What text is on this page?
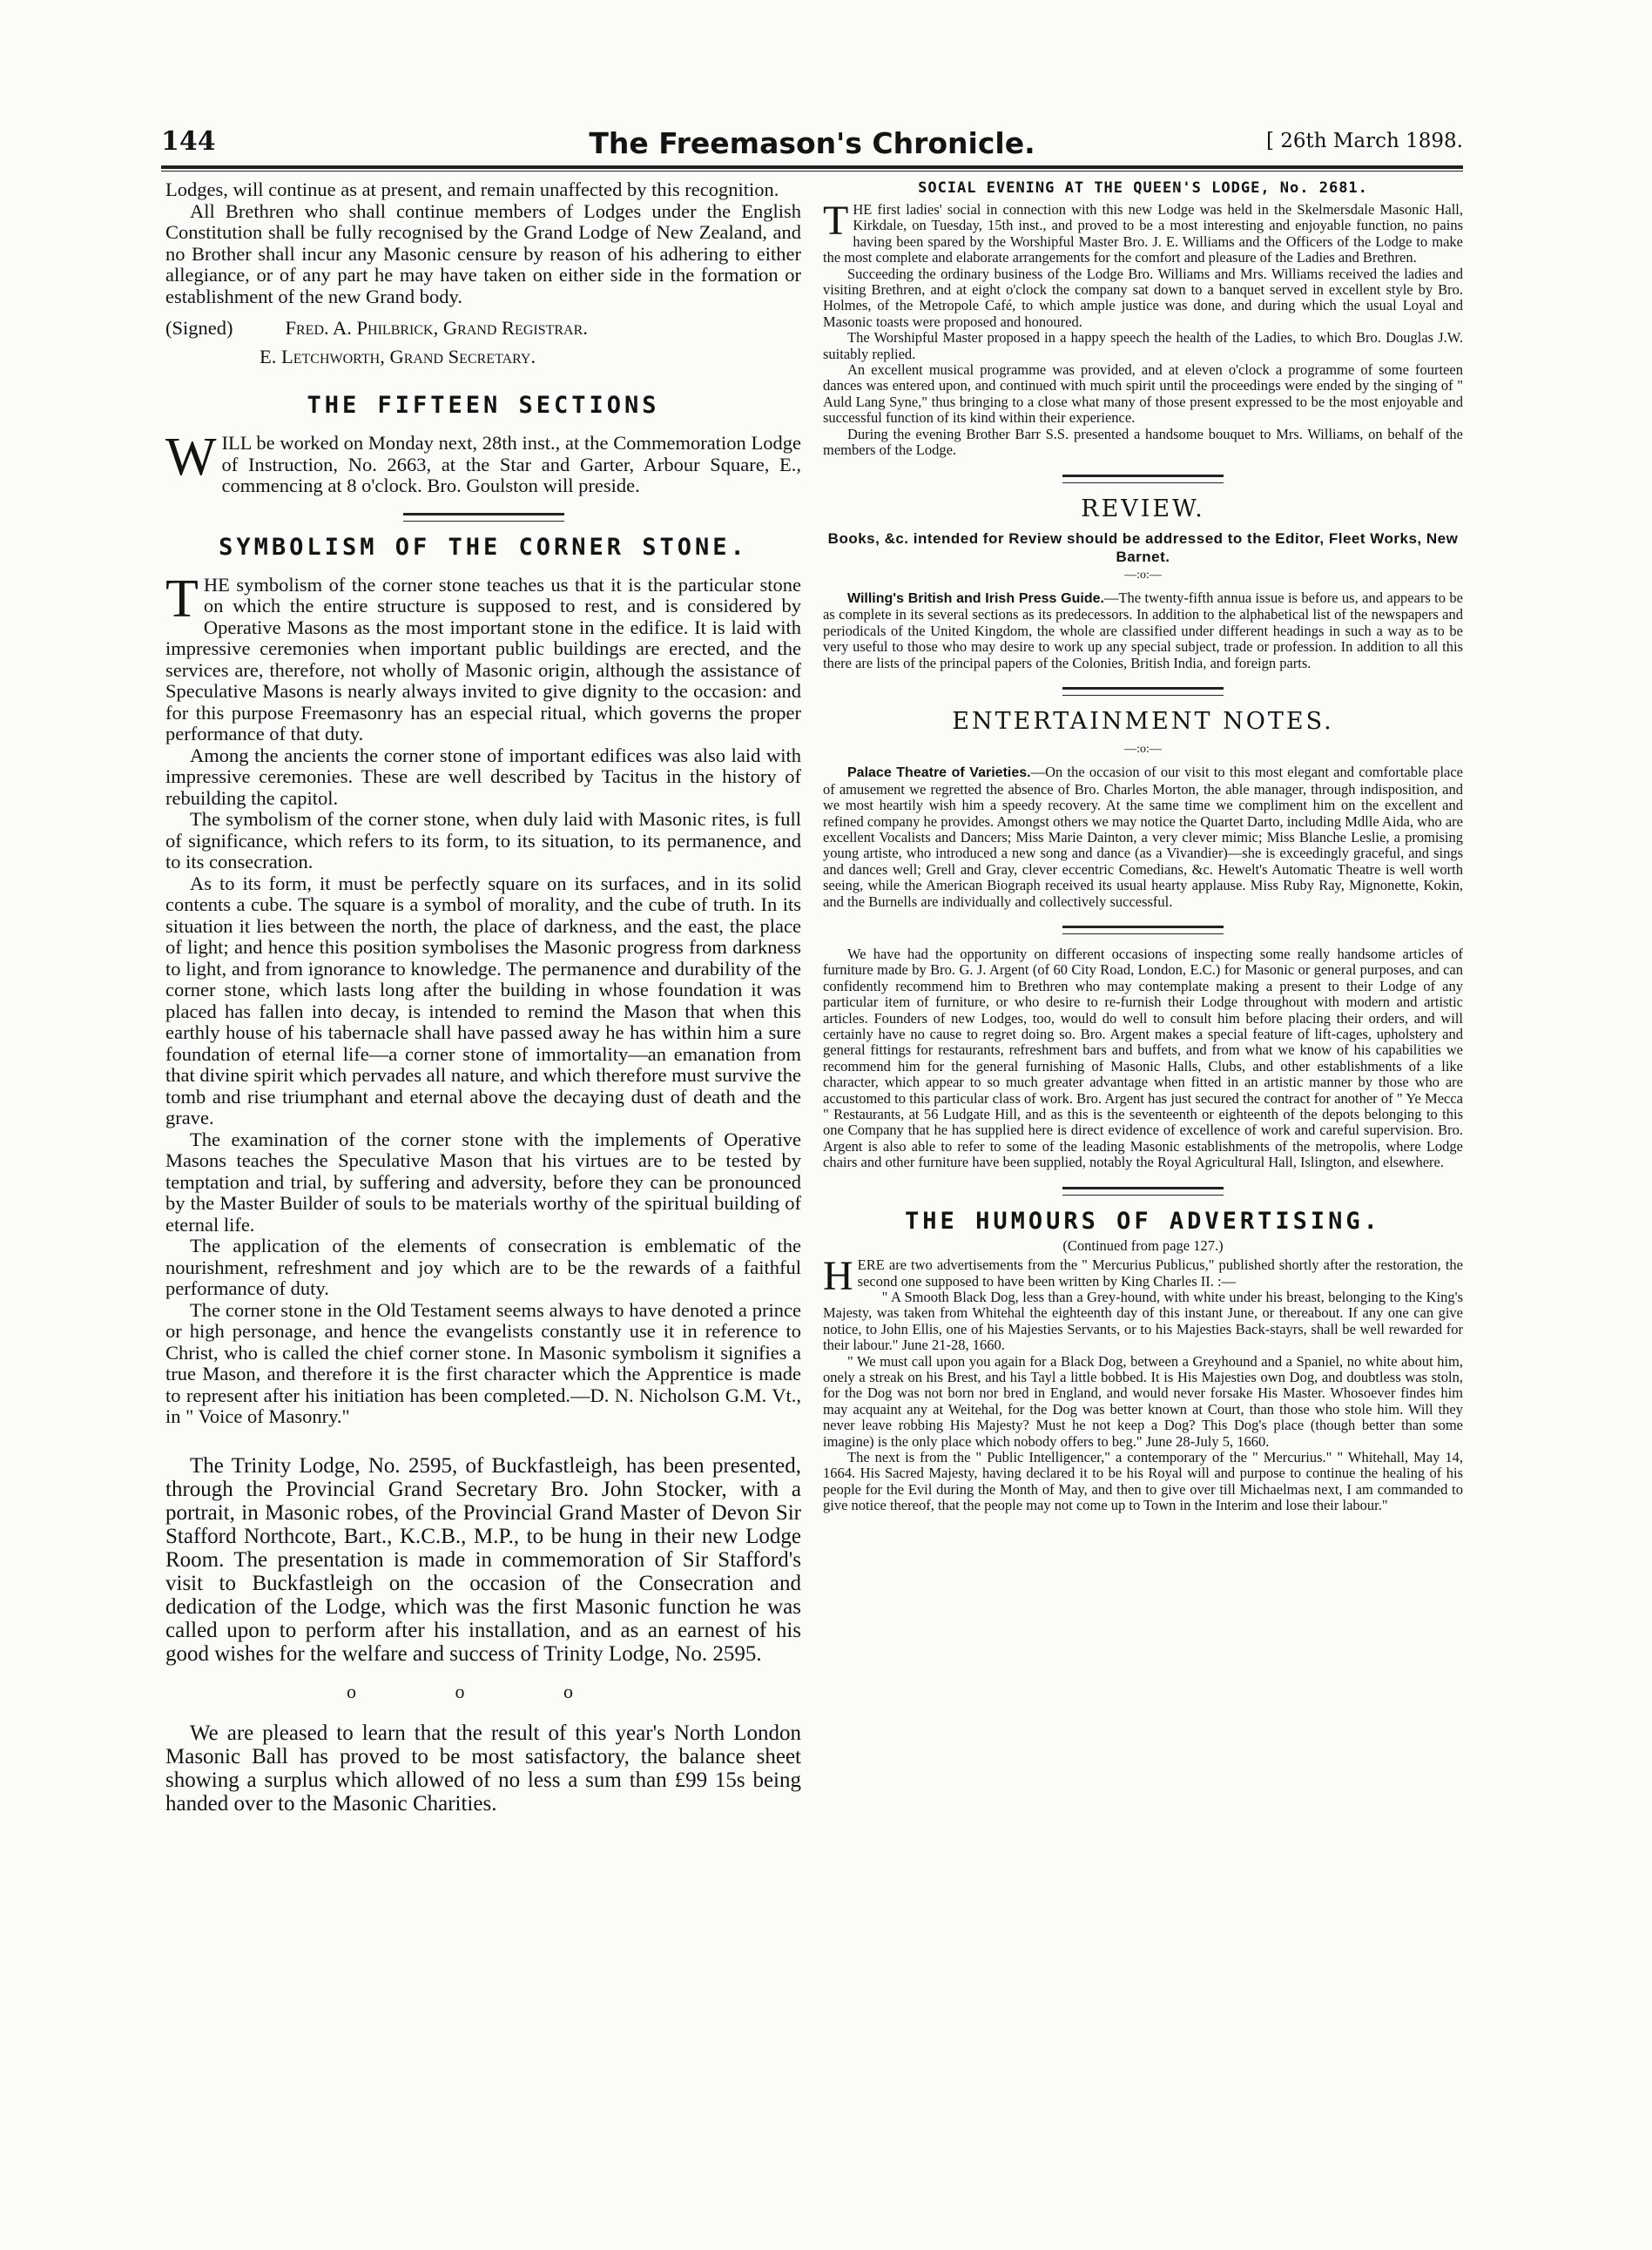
144	The Freemason's Chronicle.	[ 26th March 1898.

Lodges, will continue as at present, and remain unaffected by this recognition.

All Brethren who shall continue members of Lodges under the English Constitution shall be fully recognised by the Grand Lodge of New Zealand, and no Brother shall incur any Masonic censure by reason of his adhering to either allegiance, or of any part he may have taken on either side in the formation or establishment of the new Grand body.

(Signed)	Fred. A. Philbrick, Grand Registrar.
E. Letchworth, Grand Secretary.
THE FIFTEEN SECTIONS

WILL be worked on Monday next, 28th inst., at the Commemoration Lodge of Instruction, No. 2663, at the Star and Garter, Arbour Square, E., commencing at 8 o'clock. Bro. Goulston will preside.

SYMBOLISM OF THE CORNER STONE.

THE symbolism of the corner stone teaches us that it is the particular stone on which the entire structure is supposed to rest, and is considered by Operative Masons as the most important stone in the edifice. It is laid with impressive ceremonies when important public buildings are erected, and the services are, therefore, not wholly of Masonic origin, although the assistance of Speculative Masons is nearly always invited to give dignity to the occasion: and for this purpose Freemasonry has an especial ritual, which governs the proper performance of that duty.

Among the ancients the corner stone of important edifices was also laid with impressive ceremonies. These are well described by Tacitus in the history of rebuilding the capitol.

The symbolism of the corner stone, when duly laid with Masonic rites, is full of significance, which refers to its form, to its situation, to its permanence, and to its consecration.

As to its form, it must be perfectly square on its surfaces, and in its solid contents a cube. The square is a symbol of morality, and the cube of truth. In its situation it lies between the north, the place of darkness, and the east, the place of light; and hence this position symbolises the Masonic progress from darkness to light, and from ignorance to knowledge. The permanence and durability of the corner stone, which lasts long after the building in whose foundation it was placed has fallen into decay, is intended to remind the Mason that when this earthly house of his tabernacle shall have passed away he has within him a sure foundation of eternal life—a corner stone of immortality—an emanation from that divine spirit which pervades all nature, and which therefore must survive the tomb and rise triumphant and eternal above the decaying dust of death and the grave.

The examination of the corner stone with the implements of Operative Masons teaches the Speculative Mason that his virtues are to be tested by temptation and trial, by suffering and adversity, before they can be pronounced by the Master Builder of souls to be materials worthy of the spiritual building of eternal life.

The application of the elements of consecration is emblematic of the nourishment, refreshment and joy which are to be the rewards of a faithful performance of duty.

The corner stone in the Old Testament seems always to have denoted a prince or high personage, and hence the evangelists constantly use it in reference to Christ, who is called the chief corner stone. In Masonic symbolism it signifies a true Mason, and therefore it is the first character which the Apprentice is made to represent after his initiation has been completed.—D. N. Nicholson G.M. Vt., in " Voice of Masonry."

The Trinity Lodge, No. 2595, of Buckfastleigh, has been presented, through the Provincial Grand Secretary Bro. John Stocker, with a portrait, in Masonic robes, of the Provincial Grand Master of Devon Sir Stafford Northcote, Bart., K.C.B., M.P., to be hung in their new Lodge Room. The presentation is made in commemoration of Sir Stafford's visit to Buckfastleigh on the occasion of the Consecration and dedication of the Lodge, which was the first Masonic function he was called upon to perform after his installation, and as an earnest of his good wishes for the welfare and success of Trinity Lodge, No. 2595.

o o o

We are pleased to learn that the result of this year's North London Masonic Ball has proved to be most satisfactory, the balance sheet showing a surplus which allowed of no less a sum than £99 15s being handed over to the Masonic Charities.

SOCIAL EVENING AT THE QUEEN'S LODGE, No. 2681.

THE first ladies' social in connection with this new Lodge was held in the Skelmersdale Masonic Hall, Kirkdale, on Tuesday, 15th inst., and proved to be a most interesting and enjoyable function, no pains having been spared by the Worshipful Master Bro. J. E. Williams and the Officers of the Lodge to make the most complete and elaborate arrangements for the comfort and pleasure of the Ladies and Brethren.

Succeeding the ordinary business of the Lodge Bro. Williams and Mrs. Williams received the ladies and visiting Brethren, and at eight o'clock the company sat down to a banquet served in excellent style by Bro. Holmes, of the Metropole Café, to which ample justice was done, and during which the usual Loyal and Masonic toasts were proposed and honoured.

The Worshipful Master proposed in a happy speech the health of the Ladies, to which Bro. Douglas J.W. suitably replied.

An excellent musical programme was provided, and at eleven o'clock a programme of some fourteen dances was entered upon, and continued with much spirit until the proceedings were ended by the singing of " Auld Lang Syne," thus bringing to a close what many of those present expressed to be the most enjoyable and successful function of its kind within their experience.

During the evening Brother Barr S.S. presented a handsome bouquet to Mrs. Williams, on behalf of the members of the Lodge.

REVIEW.
Books, &c. intended for Review should be addressed to the Editor, Fleet Works, New Barnet.
—:o:—

Willing's British and Irish Press Guide.—The twenty-fifth annua issue is before us, and appears to be as complete in its several sections as its predecessors. In addition to the alphabetical list of the newspapers and periodicals of the United Kingdom, the whole are classified under different headings in such a way as to be very useful to those who may desire to work up any special subject, trade or profession. In addition to all this there are lists of the principal papers of the Colonies, British India, and foreign parts.

ENTERTAINMENT NOTES.
—:o:—

Palace Theatre of Varieties.—On the occasion of our visit to this most elegant and comfortable place of amusement we regretted the absence of Bro. Charles Morton, the able manager, through indisposition, and we most heartily wish him a speedy recovery. At the same time we compliment him on the excellent and refined company he provides. Amongst others we may notice the Quartet Darto, including Mdlle Aida, who are excellent Vocalists and Dancers; Miss Marie Dainton, a very clever mimic; Miss Blanche Leslie, a promising young artiste, who introduced a new song and dance (as a Vivandier)—she is exceedingly graceful, and sings and dances well; Grell and Gray, clever eccentric Comedians, &c. Hewelt's Automatic Theatre is well worth seeing, while the American Biograph received its usual hearty applause. Miss Ruby Ray, Mignonette, Kokin, and the Burnells are individually and collectively successful.

We have had the opportunity on different occasions of inspecting some really handsome articles of furniture made by Bro. G. J. Argent (of 60 City Road, London, E.C.) for Masonic or general purposes, and can confidently recommend him to Brethren who may contemplate making a present to their Lodge of any particular item of furniture, or who desire to re-furnish their Lodge throughout with modern and artistic articles. Founders of new Lodges, too, would do well to consult him before placing their orders, and will certainly have no cause to regret doing so. Bro. Argent makes a special feature of lift-cages, upholstery and general fittings for restaurants, refreshment bars and buffets, and from what we know of his capabilities we recommend him for the general furnishing of Masonic Halls, Clubs, and other establishments of a like character, which appear to so much greater advantage when fitted in an artistic manner by those who are accustomed to this particular class of work. Bro. Argent has just secured the contract for another of " Ye Mecca " Restaurants, at 56 Ludgate Hill, and as this is the seventeenth or eighteenth of the depots belonging to this one Company that he has supplied here is direct evidence of excellence of work and careful supervision. Bro. Argent is also able to refer to some of the leading Masonic establishments of the metropolis, where Lodge chairs and other furniture have been supplied, notably the Royal Agricultural Hall, Islington, and elsewhere.

THE HUMOURS OF ADVERTISING.
(Continued from page 127.)

HERE are two advertisements from the " Mercurius Publicus," published shortly after the restoration, the second one supposed to have been written by King Charles II. :—

" A Smooth Black Dog, less than a Grey-hound, with white under his breast, belonging to the King's Majesty, was taken from Whitehal the eighteenth day of this instant June, or thereabout. If any one can give notice, to John Ellis, one of his Majesties Servants, or to his Majesties Back-stayrs, shall be well rewarded for their labour." June 21-28, 1660.

" We must call upon you again for a Black Dog, between a Greyhound and a Spaniel, no white about him, onely a streak on his Brest, and his Tayl a little bobbed. It is His Majesties own Dog, and doubtless was stoln, for the Dog was not born nor bred in England, and would never forsake His Master. Whosoever findes him may acquaint any at Weitehal, for the Dog was better known at Court, than those who stole him. Will they never leave robbing His Majesty? Must he not keep a Dog? This Dog's place (though better than some imagine) is the only place which nobody offers to beg." June 28-July 5, 1660.

The next is from the " Public Intelligencer," a contemporary of the " Mercurius." " Whitehall, May 14, 1664. His Sacred Majesty, having declared it to be his Royal will and purpose to continue the healing of his people for the Evil during the Month of May, and then to give over till Michaelmas next, I am commanded to give notice thereof, that the people may not come up to Town in the Interim and lose their labour."
